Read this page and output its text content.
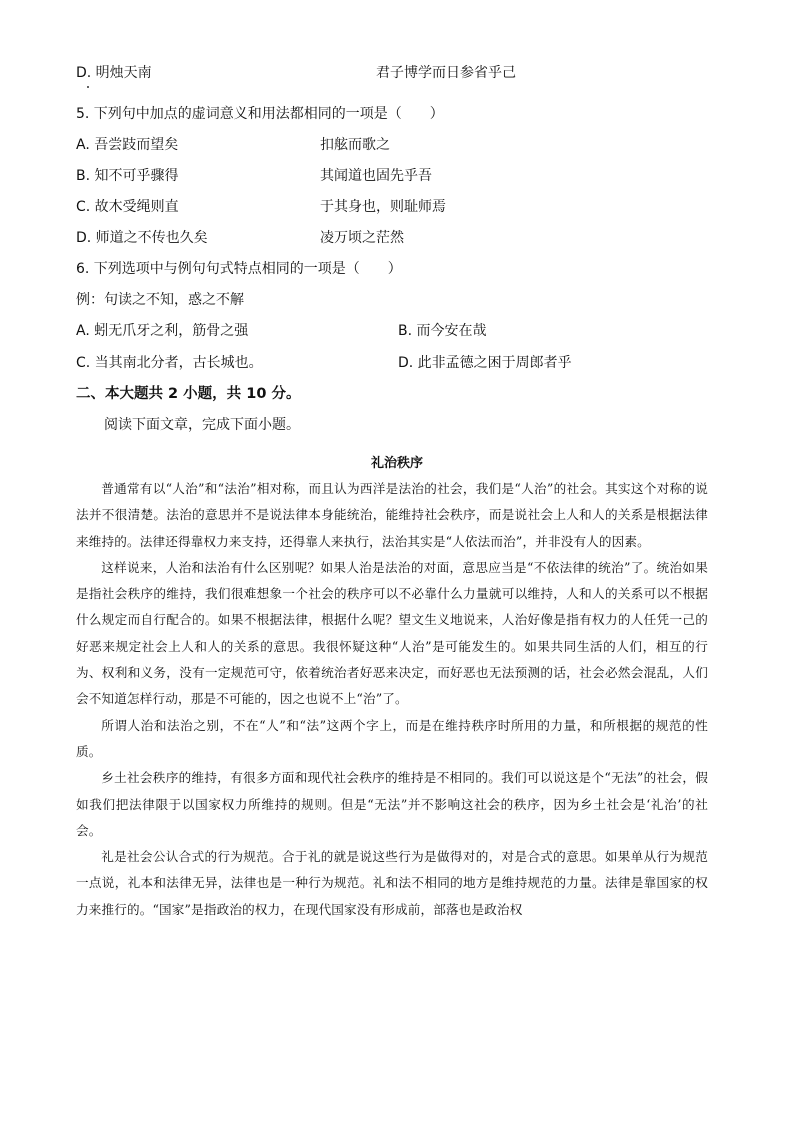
D. 明烛天南	君子博学而日参省乎己
5. 下列句中加点的虚词意义和用法都相同的一项是（　　）
A. 吾尝跂而望矣	扣舷而歌之
B. 知不可乎骤得	其闻道也固先乎吾
C. 故木受绳则直	于其身也，则耻师焉
D. 师道之不传也久矣	凌万顷之茫然
6. 下列选项中与例句句式特点相同的一项是（　　）
例：句读之不知，惑之不解
A. 蚓无爪牙之利，筋骨之强	B. 而今安在哉
C. 当其南北分者，古长城也。	D. 此非孟德之困于周郎者乎
二、本大题共 2 小题，共 10 分。
阅读下面文章，完成下面小题。
礼治秩序

普通常有以“人治”和“法治”相对称，而且认为西洋是法治的社会，我们是“人治”的社会。其实这个对称的说法并不很清楚。法治的意思并不是说法律本身能统治，能维持社会秩序，而是说社会上人和人的关系是根据法律来维持的。法律还得靠权力来支持，还得靠人来执行，法治其实是“人依法而治”，并非没有人的因素。

这样说来，人治和法治有什么区别呢？如果人治是法治的对面，意思应当是“不依法律的统治”了。统治如果是指社会秩序的维持，我们很难想象一个社会的秩序可以不必靠什么力量就可以维持，人和人的关系可以不根据什么规定而自行配合的。如果不根据法律，根据什么呢？望文生义地说来，人治好像是指有权力的人任凭一己的好恶来规定社会上人和人的关系的意思。我很怀疑这种“人治”是可能发生的。如果共同生活的人们，相互的行为、权利和义务，没有一定规范可守，依着统治者好恶来决定，而好恶也无法预测的话，社会必然会混乱，人们会不知道怎样行动，那是不可能的，因之也说不上“治”了。

所谓人治和法治之别，不在“人”和“法”这两个字上，而是在维持秩序时所用的力量，和所根据的规范的性质。

乡土社会秩序的维持，有很多方面和现代社会秩序的维持是不相同的。我们可以说这是个“无法”的社会，假如我们把法律限于以国家权力所维持的规则。但是“无法”并不影响这社会的秩序，因为乡土社会是‘礼治’的社会。

礼是社会公认合式的行为规范。合于礼的就是说这些行为是做得对的，对是合式的意思。如果单从行为规范一点说，礼本和法律无异，法律也是一种行为规范。礼和法不相同的地方是维持规范的力量。法律是靠国家的权力来推行的。“国家”是指政治的权力，在现代国家没有形成前，部落也是政治权
